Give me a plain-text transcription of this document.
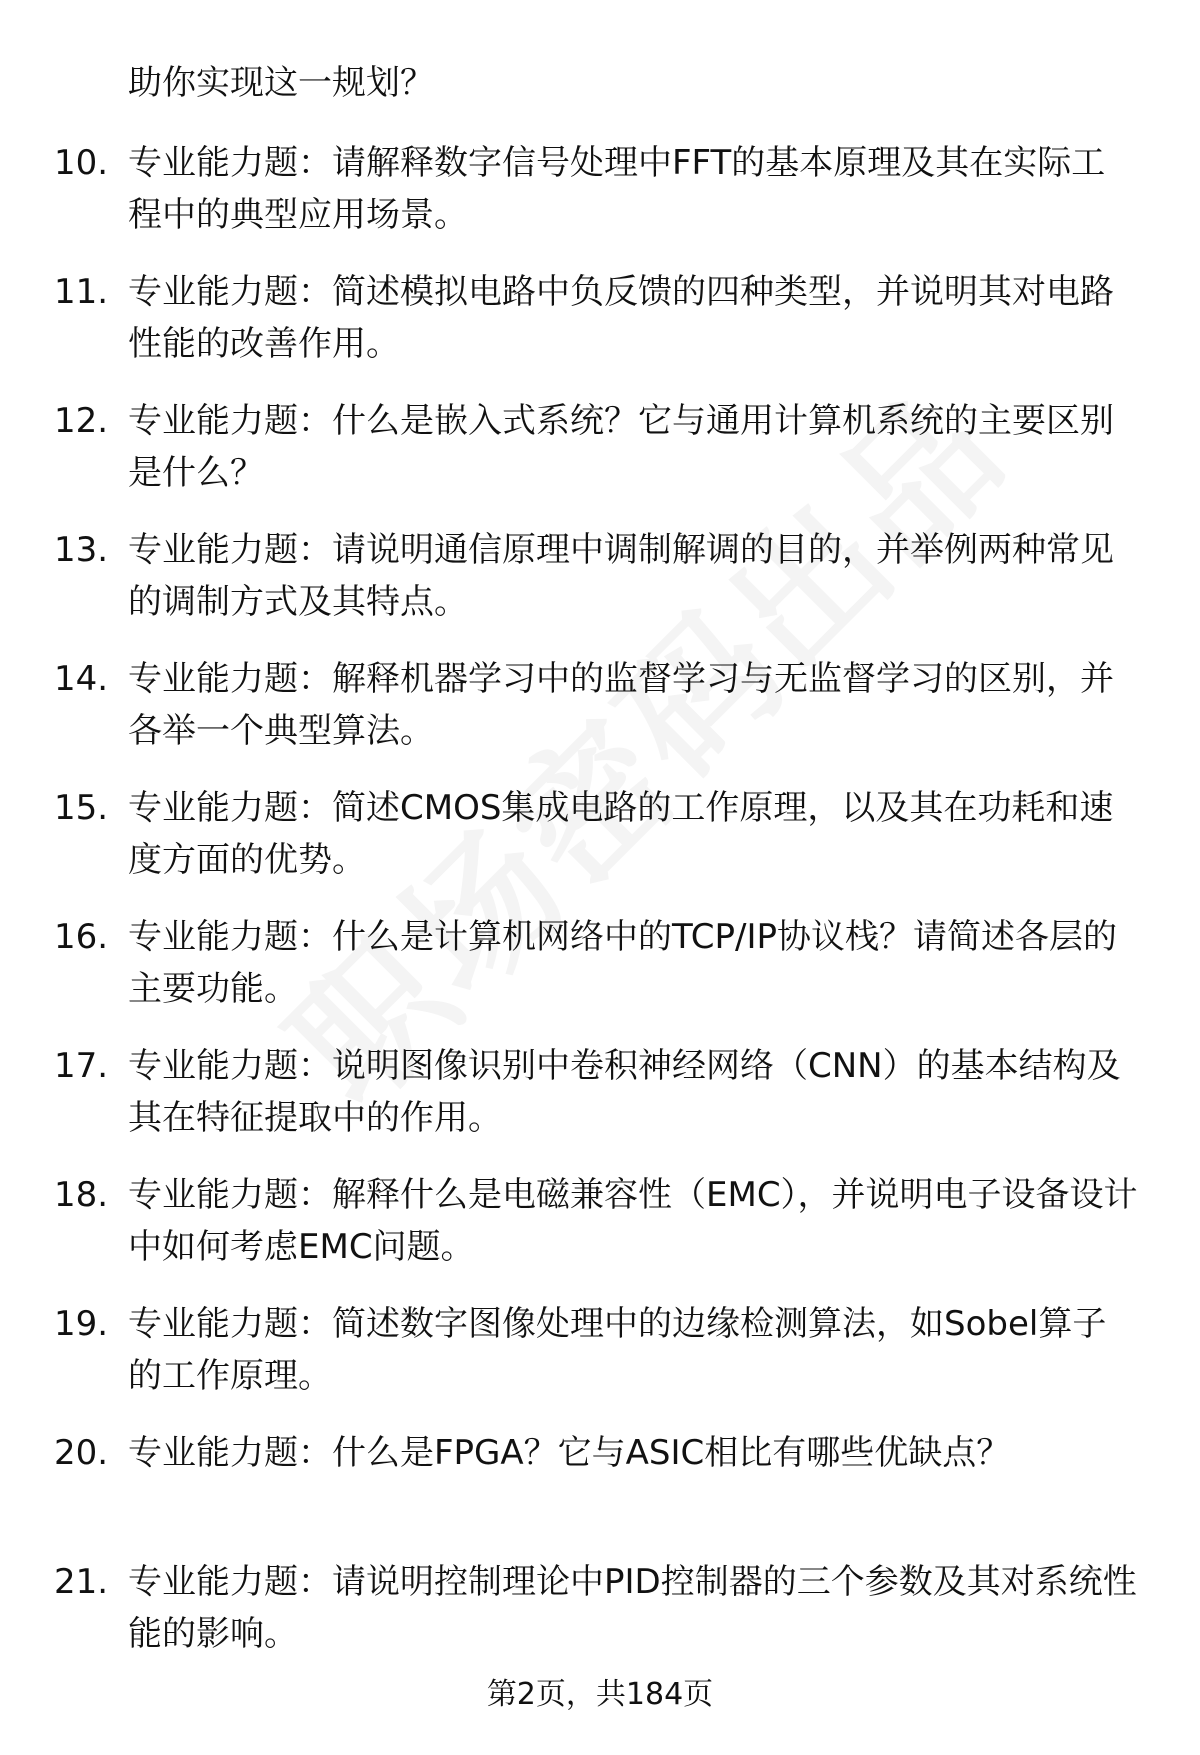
助你实现这一规划？
10. 专业能力题：请解释数字信号处理中FFT的基本原理及其在实际工程中的典型应用场景。
11. 专业能力题：简述模拟电路中负反馈的四种类型，并说明其对电路性能的改善作用。
12. 专业能力题：什么是嵌入式系统？它与通用计算机系统的主要区别是什么？
13. 专业能力题：请说明通信原理中调制解调的目的，并举例两种常见的调制方式及其特点。
14. 专业能力题：解释机器学习中的监督学习与无监督学习的区别，并各举一个典型算法。
15. 专业能力题：简述CMOS集成电路的工作原理，以及其在功耗和速度方面的优势。
16. 专业能力题：什么是计算机网络中的TCP/IP协议栈？请简述各层的主要功能。
17. 专业能力题：说明图像识别中卷积神经网络（CNN）的基本结构及其在特征提取中的作用。
18. 专业能力题：解释什么是电磁兼容性（EMC），并说明电子设备设计中如何考虑EMC问题。
19. 专业能力题：简述数字图像处理中的边缘检测算法，如Sobel算子的工作原理。
20. 专业能力题：什么是FPGA？它与ASIC相比有哪些优缺点？
21. 专业能力题：请说明控制理论中PID控制器的三个参数及其对系统性能的影响。
第2页，共184页
